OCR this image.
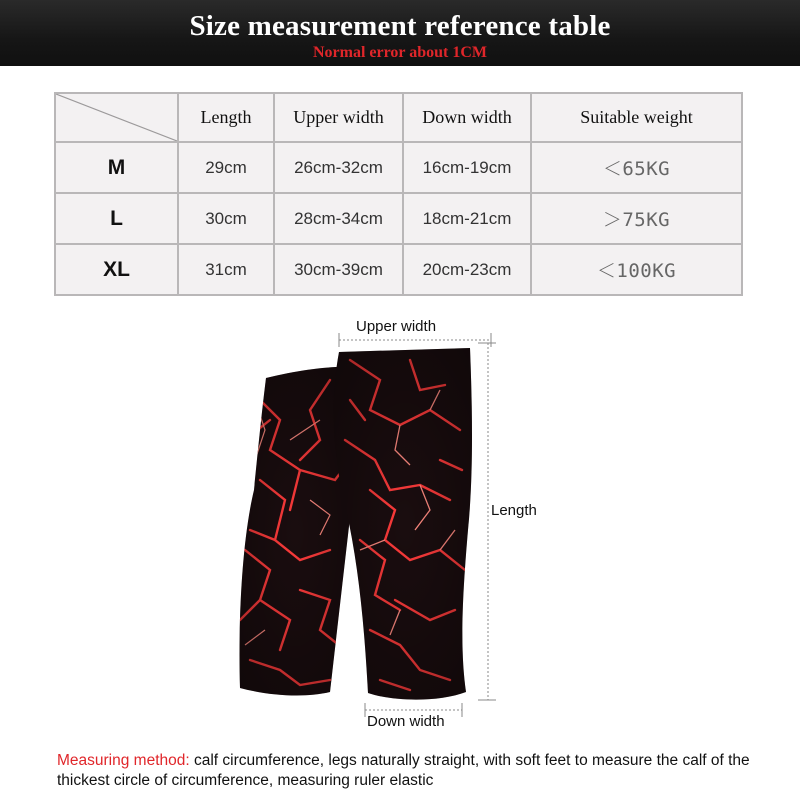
Size measurement reference table
Normal error about 1CM
	Length	Upper width	Down width	Suitable weight
M	29cm	26cm-32cm	16cm-19cm	＜65KG
L	30cm	28cm-34cm	18cm-21cm	＞75KG
XL	31cm	30cm-39cm	20cm-23cm	＜100KG
Upper width
Length
Down width
Measuring method: calf circumference, legs naturally straight, with soft feet to measure the calf of the thickest circle of circumference, measuring ruler elastic
